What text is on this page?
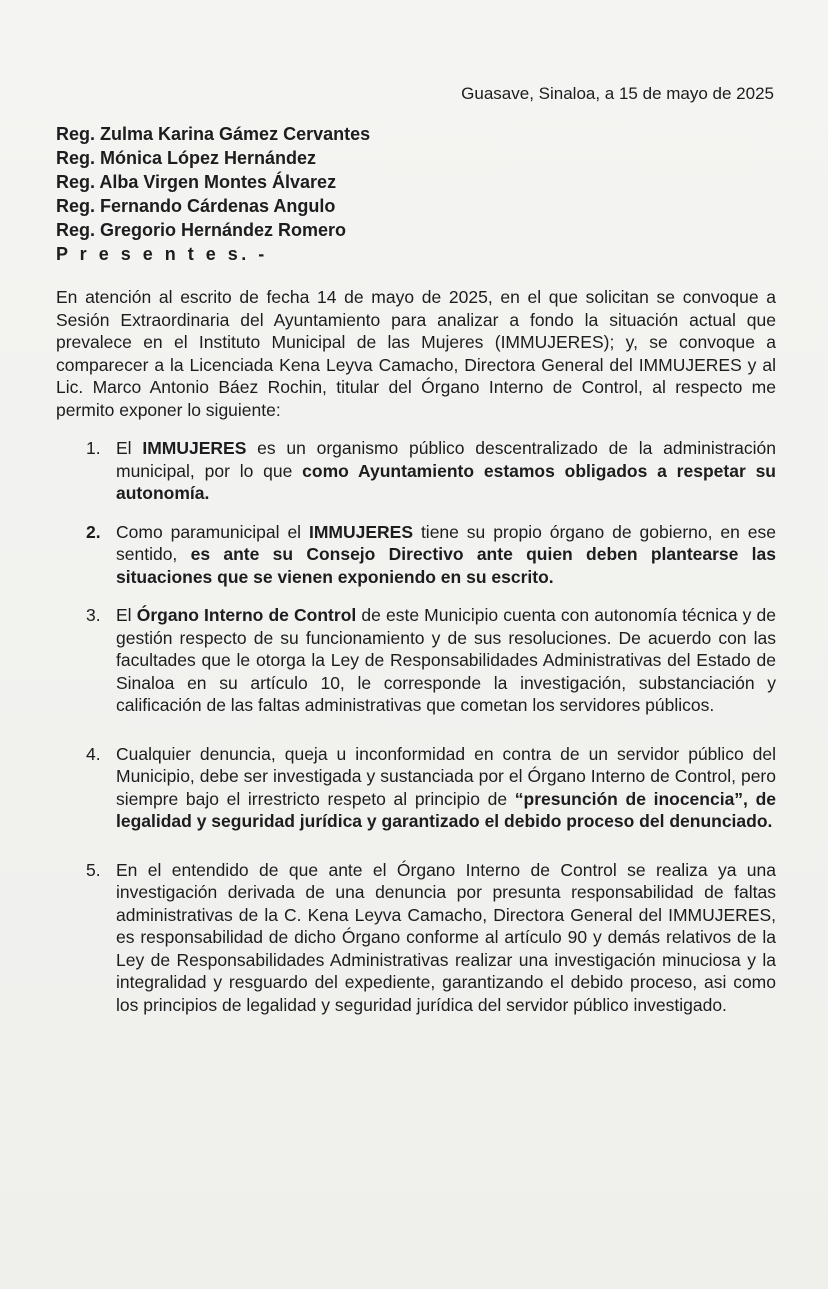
Guasave, Sinaloa, a 15 de mayo de 2025
Reg. Zulma Karina Gámez Cervantes
Reg. Mónica López Hernández
Reg. Alba Virgen Montes Álvarez
Reg. Fernando Cárdenas Angulo
Reg. Gregorio Hernández Romero
P r e s e n t e s. -

En atención al escrito de fecha 14 de mayo de 2025, en el que solicitan se convoque a Sesión Extraordinaria del Ayuntamiento para analizar a fondo la situación actual que prevalece en el Instituto Municipal de las Mujeres (IMMUJERES); y, se convoque a comparecer a la Licenciada Kena Leyva Camacho, Directora General del IMMUJERES y al Lic. Marco Antonio Báez Rochin, titular del Órgano Interno de Control, al respecto me permito exponer lo siguiente:

1. El IMMUJERES es un organismo público descentralizado de la administración municipal, por lo que como Ayuntamiento estamos obligados a respetar su autonomía.
2. Como paramunicipal el IMMUJERES tiene su propio órgano de gobierno, en ese sentido, es ante su Consejo Directivo ante quien deben plantearse las situaciones que se vienen exponiendo en su escrito.
3. El Órgano Interno de Control de este Municipio cuenta con autonomía técnica y de gestión respecto de su funcionamiento y de sus resoluciones. De acuerdo con las facultades que le otorga la Ley de Responsabilidades Administrativas del Estado de Sinaloa en su artículo 10, le corresponde la investigación, substanciación y calificación de las faltas administrativas que cometan los servidores públicos.
4. Cualquier denuncia, queja u inconformidad en contra de un servidor público del Municipio, debe ser investigada y sustanciada por el Órgano Interno de Control, pero siempre bajo el irrestricto respeto al principio de “presunción de inocencia”, de legalidad y seguridad jurídica y garantizado el debido proceso del denunciado.
5. En el entendido de que ante el Órgano Interno de Control se realiza ya una investigación derivada de una denuncia por presunta responsabilidad de faltas administrativas de la C. Kena Leyva Camacho, Directora General del IMMUJERES, es responsabilidad de dicho Órgano conforme al artículo 90 y demás relativos de la Ley de Responsabilidades Administrativas realizar una investigación minuciosa y la integralidad y resguardo del expediente, garantizando el debido proceso, asi como los principios de legalidad y seguridad jurídica del servidor público investigado.
